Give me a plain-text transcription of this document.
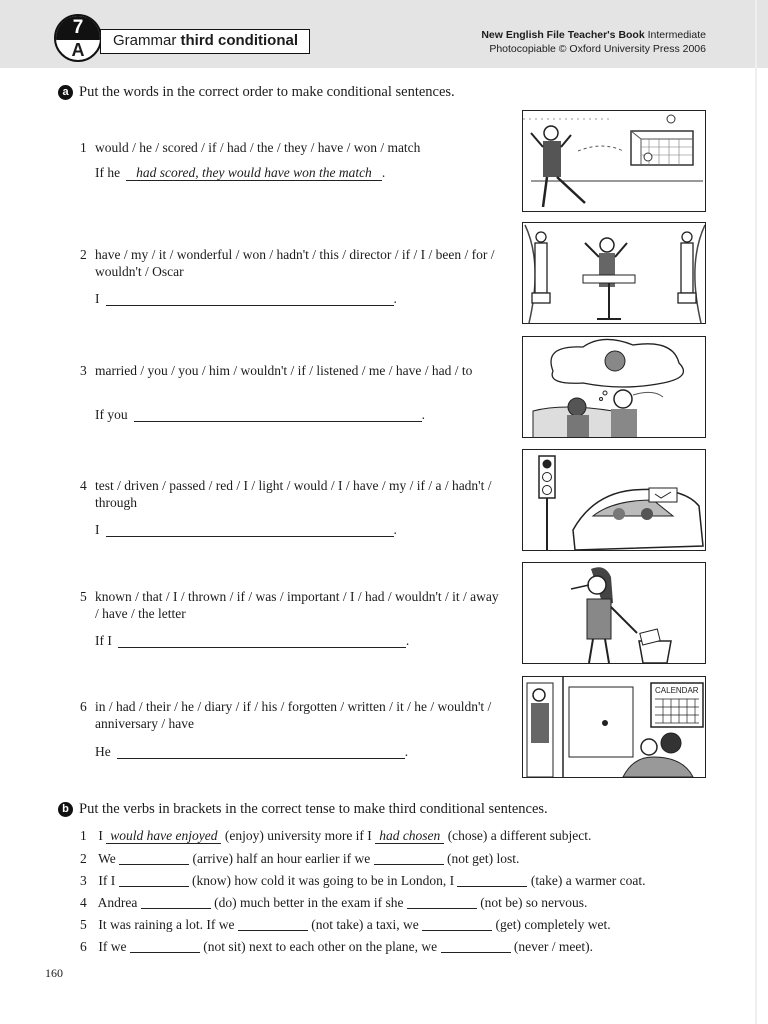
7
A	Grammar third conditional	New English File Teacher's Book Intermediate
Photocopiable © Oxford University Press 2006
a Put the words in the correct order to make conditional sentences.
1 would / he / scored / if / had / the / they / have / won / match
If he had scored, they would have won the match .
2 have / my / it / wonderful / won / hadn't / this / director / if / I / been / for / wouldn't / Oscar
I	.
3 married / you / you / him / wouldn't / if / listened / me / have / had / to
If you	.
4 test / driven / passed / red / I / light / would / I / have / my / if / a / hadn't / through
I	.
5 known / that / I / thrown / if / was / important / I / had / wouldn't / it / away / have / the letter
If I	.
6 in / had / their / he / diary / if / his / forgotten / written / it / he / wouldn't / anniversary / have
He	.
CALENDAR
b Put the verbs in brackets in the correct tense to make third conditional sentences.
1 I would have enjoyed (enjoy) university more if I had chosen (chose) a different subject.
2 We	(arrive) half an hour earlier if we	(not get) lost.
3 If I	(know) how cold it was going to be in London, I	(take) a warmer coat.
4 Andrea	(do) much better in the exam if she	(not be) so nervous.
5 It was raining a lot. If we	(not take) a taxi, we	(get) completely wet.
6 If we	(not sit) next to each other on the plane, we	(never / meet).
160
